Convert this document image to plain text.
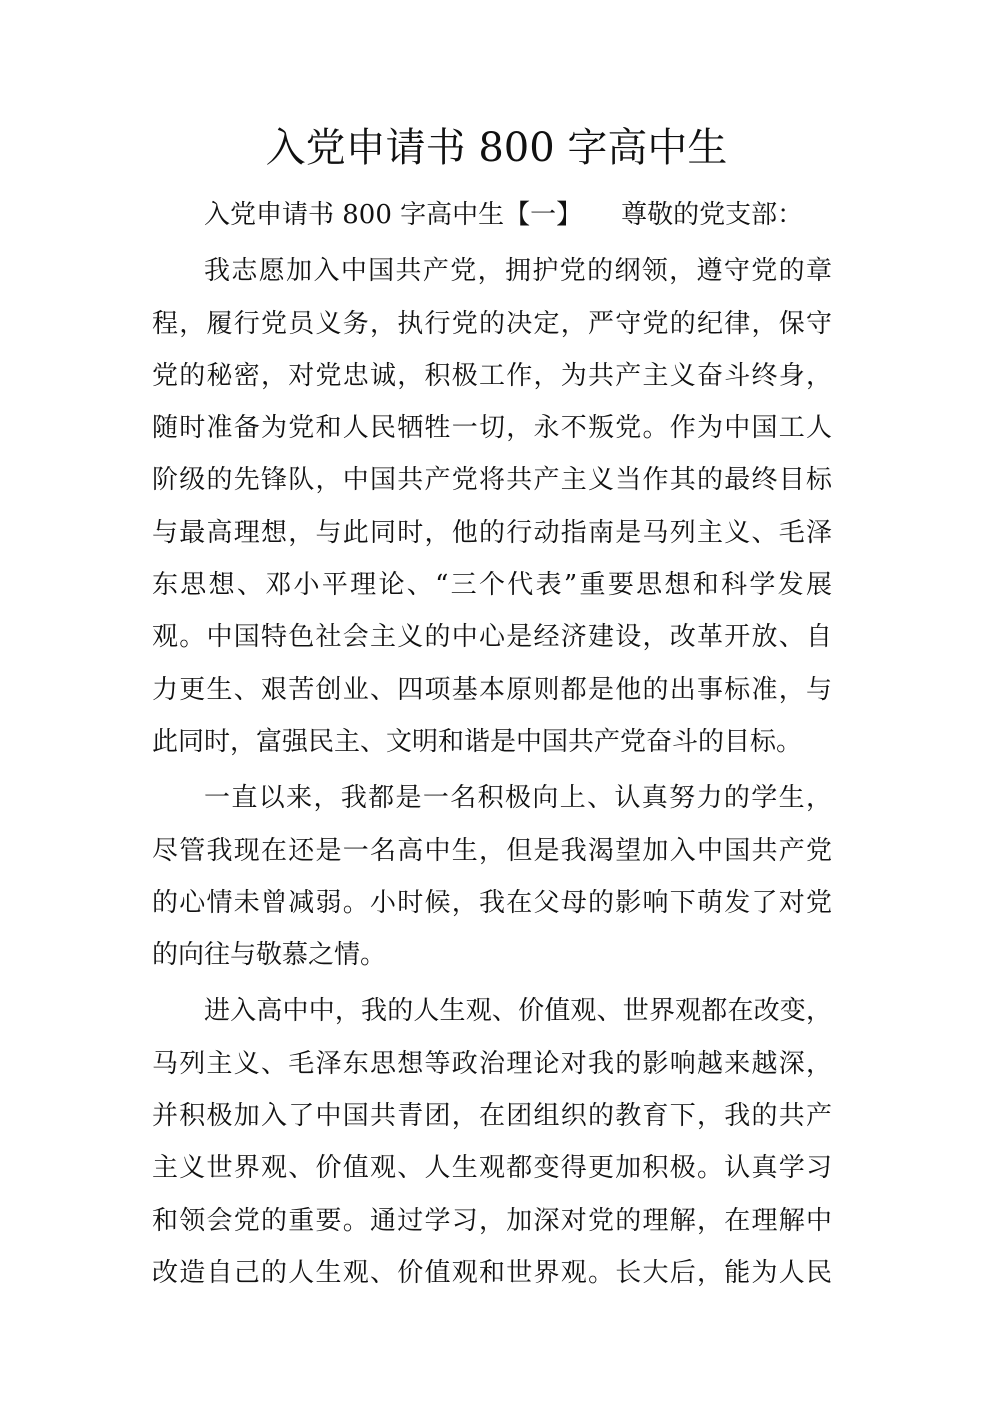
入党申请书 800 字高中生
入党申请书 800 字高中生【一】　　尊敬的党支部：
我志愿加入中国共产党，拥护党的纲领，遵守党的章
程，履行党员义务，执行党的决定，严守党的纪律，保守
党的秘密，对党忠诚，积极工作，为共产主义奋斗终身，
随时准备为党和人民牺牲一切，永不叛党。作为中国工人
阶级的先锋队，中国共产党将共产主义当作其的最终目标
与最高理想，与此同时，他的行动指南是马列主义、毛泽
东思想、邓小平理论、“三个代表”重要思想和科学发展
观。中国特色社会主义的中心是经济建设，改革开放、自
力更生、艰苦创业、四项基本原则都是他的出事标准，与
此同时，富强民主、文明和谐是中国共产党奋斗的目标。
一直以来，我都是一名积极向上、认真努力的学生，
尽管我现在还是一名高中生，但是我渴望加入中国共产党
的心情未曾减弱。小时候，我在父母的影响下萌发了对党
的向往与敬慕之情。
进入高中中，我的人生观、价值观、世界观都在改变，
马列主义、毛泽东思想等政治理论对我的影响越来越深，
并积极加入了中国共青团，在团组织的教育下，我的共产
主义世界观、价值观、人生观都变得更加积极。认真学习
和领会党的重要。通过学习，加深对党的理解，在理解中
改造自己的人生观、价值观和世界观。长大后，能为人民
